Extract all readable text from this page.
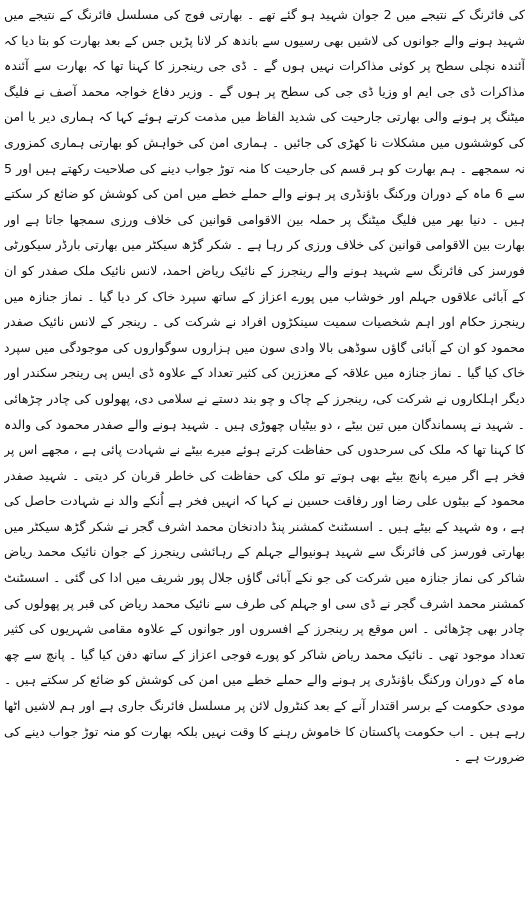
کی فائرنگ کے نتیجے میں 2 جوان شہید ہو گئے تھے ۔ بھارتی فوج کی مسلسل فائرنگ کے نتیجے میں شہید ہونے والے جوانوں کی لاشیں بھی رسیوں سے باندھ کر لانا پڑیں جس کے بعد بھارت کو بتا دیا کہ آئندہ نچلی سطح پر کوئی مذاکرات نہیں ہوں گے ۔ ڈی جی رینجرز کا کہنا تھا کہ بھارت سے آئندہ مذاکرات ڈی جی ایم او وزیا ڈی جی کی سطح پر ہوں گے ۔ وزیر دفاع خواجہ محمد آصف نے فلیگ میٹنگ پر ہونے والی بھارتی جارحیت کی شدید الفاظ میں مذمت کرتے ہوئے کہا کہ ہماری دیر یا امن کی کوششوں میں مشکلات نا کھڑی کی جائیں ۔ ہماری امن کی خواہش کو بھارتی ہماری کمزوری نہ سمجھے ۔ ہم بھارت کو ہر قسم کی جارحیت کا منہ توڑ جواب دینے کی صلاحیت رکھتے ہیں اور 5 سے 6 ماہ کے دوران ورکنگ باؤنڈری پر ہونے والے حملے خطے میں امن کی کوشش کو ضائع کر سکتے ہیں ۔ دنیا بھر میں فلیگ میٹنگ پر حملہ بین الاقوامی قوانین کی خلاف ورزی سمجھا جاتا ہے اور بھارت بین الاقوامی قوانین کی خلاف ورزی کر رہا ہے ۔ شکر گڑھ سیکٹر میں بھارتی بارڈر سیکورٹی فورسز کی فائرنگ سے شہید ہونے والے رینجرز کے نائیک ریاض احمد، لانس نائیک ملک صفدر کو ان کے آبائی علاقوں جہلم اور خوشاب میں پورے اعزاز کے ساتھ سپرد خاک کر دیا گیا ۔ نماز جنازہ میں رینجرز حکام اور اہم شخصیات سمیت سینکڑوں افراد نے شرکت کی ۔ رینجر کے لانس نائیک صفدر محمود کو ان کے آبائی گاؤں سوڈھی بالا وادی سون میں ہزاروں سوگواروں کی موجودگی میں سپرد خاک کیا گیا ۔ نماز جنازہ میں علاقہ کے معززین کی کثیر تعداد کے علاوہ ڈی ایس پی رینجر سکندر اور دیگر اہلکاروں نے شرکت کی، رینجرز کے چاک و چو بند دستے نے سلامی دی، پھولوں کی چادر چڑھائی ۔ شہید نے پسماندگان میں تین بیٹے ، دو بیٹیاں چھوڑی ہیں ۔ شہید ہونے والے صفدر محمود کی والدہ کا کہنا تھا کہ ملک کی سرحدوں کی حفاظت کرتے ہوئے میرے بیٹے نے شہادت پائی ہے ، مجھے اس پر فخر ہے اگر میرے پانچ بیٹے بھی ہوتے تو ملک کی حفاظت کی خاطر قربان کر دیتی ۔ شہید صفدر محمود کے بیٹوں علی رضا اور رفاقت حسین نے کہا کہ انہیں فخر ہے اُنکے والد نے شہادت حاصل کی ہے ، وہ شہید کے بیٹے ہیں ۔ اسسٹنٹ کمشنر پنڈ دادنخان محمد اشرف گجر نے شکر گڑھ سیکٹر میں بھارتی فورسز کی فائرنگ سے شہید ہونیوالے جہلم کے رہائشی رینجرز کے جوان نائیک محمد ریاض شاکر کی نماز جنازہ میں شرکت کی جو نکے آبائی گاؤں جلال پور شریف میں ادا کی گئی ۔ اسسٹنٹ کمشنر محمد اشرف گجر نے ڈی سی او جہلم کی طرف سے نائیک محمد ریاض کی قبر پر پھولوں کی چادر بھی چڑھائی ۔ اس موقع پر رینجرز کے افسروں اور جوانوں کے علاوہ مقامی شہریوں کی کثیر تعداد موجود تھی ۔ نائیک محمد ریاض شاکر کو پورے فوجی اعزاز کے ساتھ دفن کیا گیا ۔ پانچ سے چھ ماہ کے دوران ورکنگ باؤنڈری پر ہونے والے حملے خطے میں امن کی کوشش کو ضائع کر سکتے ہیں ۔ مودی حکومت کے برسر اقتدار آنے کے بعد کنٹرول لائن پر مسلسل فائرنگ جاری ہے اور ہم لاشیں اٹھا رہے ہیں ۔ اب حکومت پاکستان کا خاموش رہنے کا وقت نہیں بلکہ بھارت کو منہ توڑ جواب دینے کی ضرورت ہے ۔
